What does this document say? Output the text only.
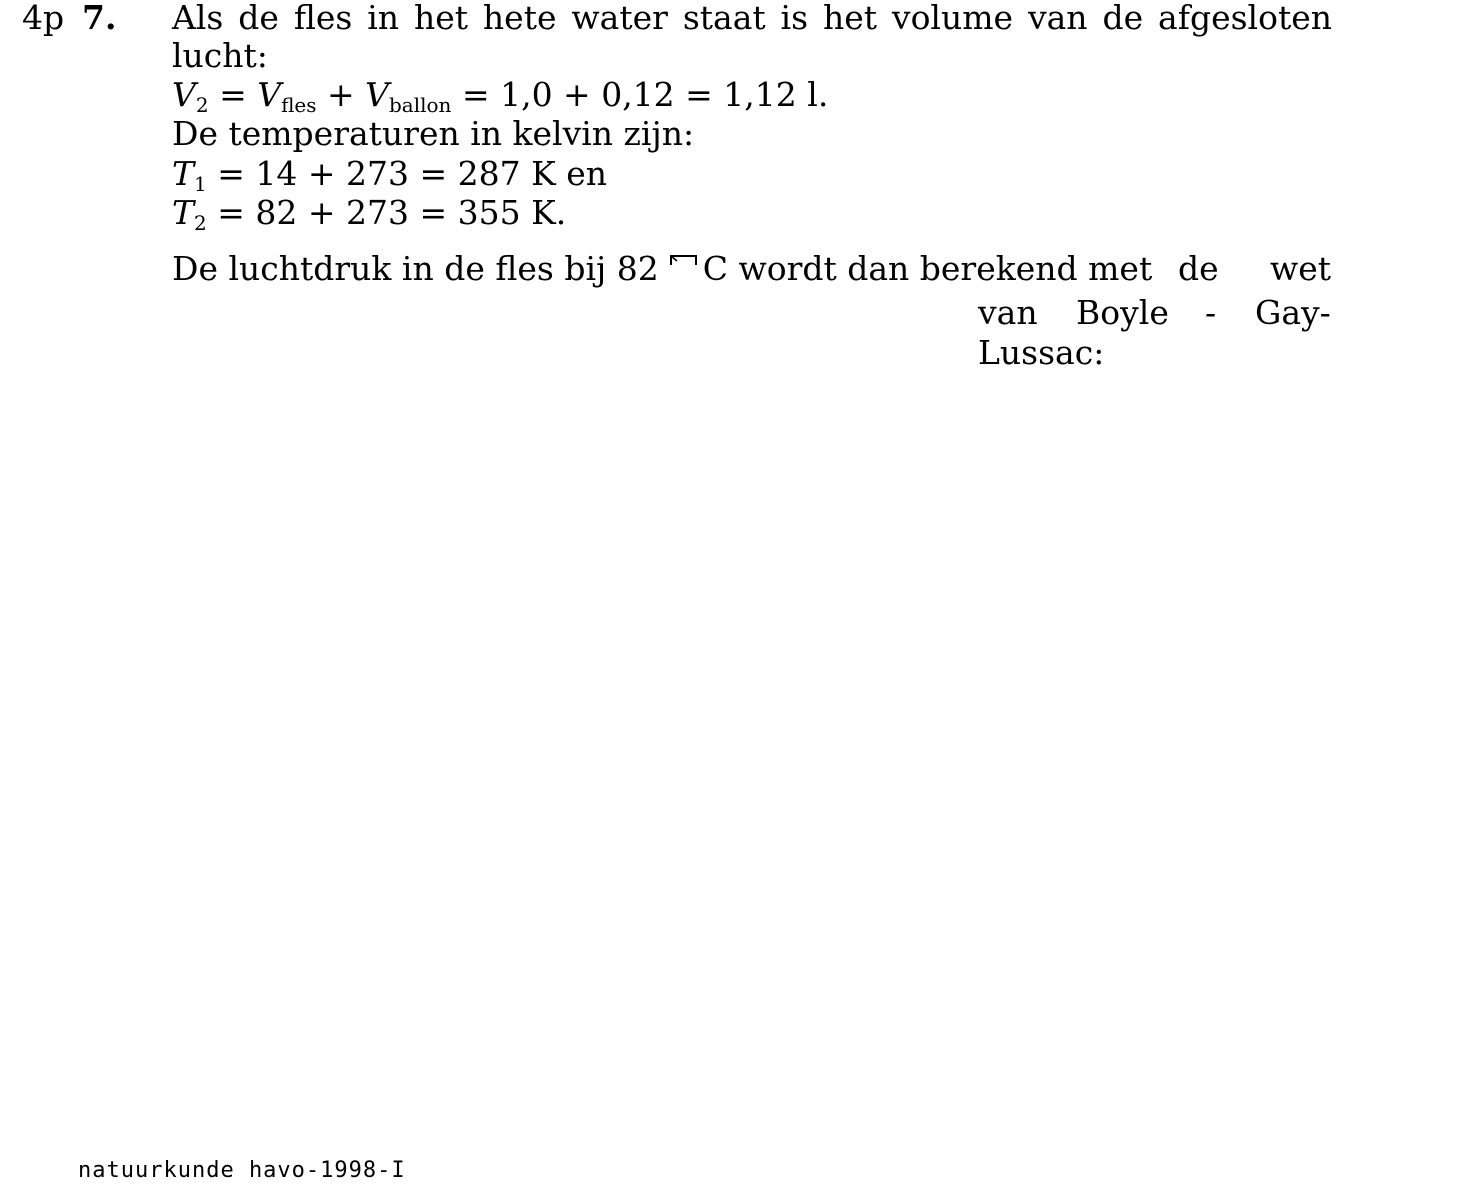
4p 7. Als de fles in het hete water staat is het volume van de afgesloten
lucht:
V2 = Vfles + Vballon = 1,0 + 0,12 = 1,12 l.
De temperaturen in kelvin zijn:
T1 = 14 + 273 = 287 K en
T2 = 82 + 273 = 355 K.
De luchtdruk in de fles bij 82 C wordt dan berekend met de wet
van Boyle - Gay-
Lussac:
natuurkunde havo-1998-I
